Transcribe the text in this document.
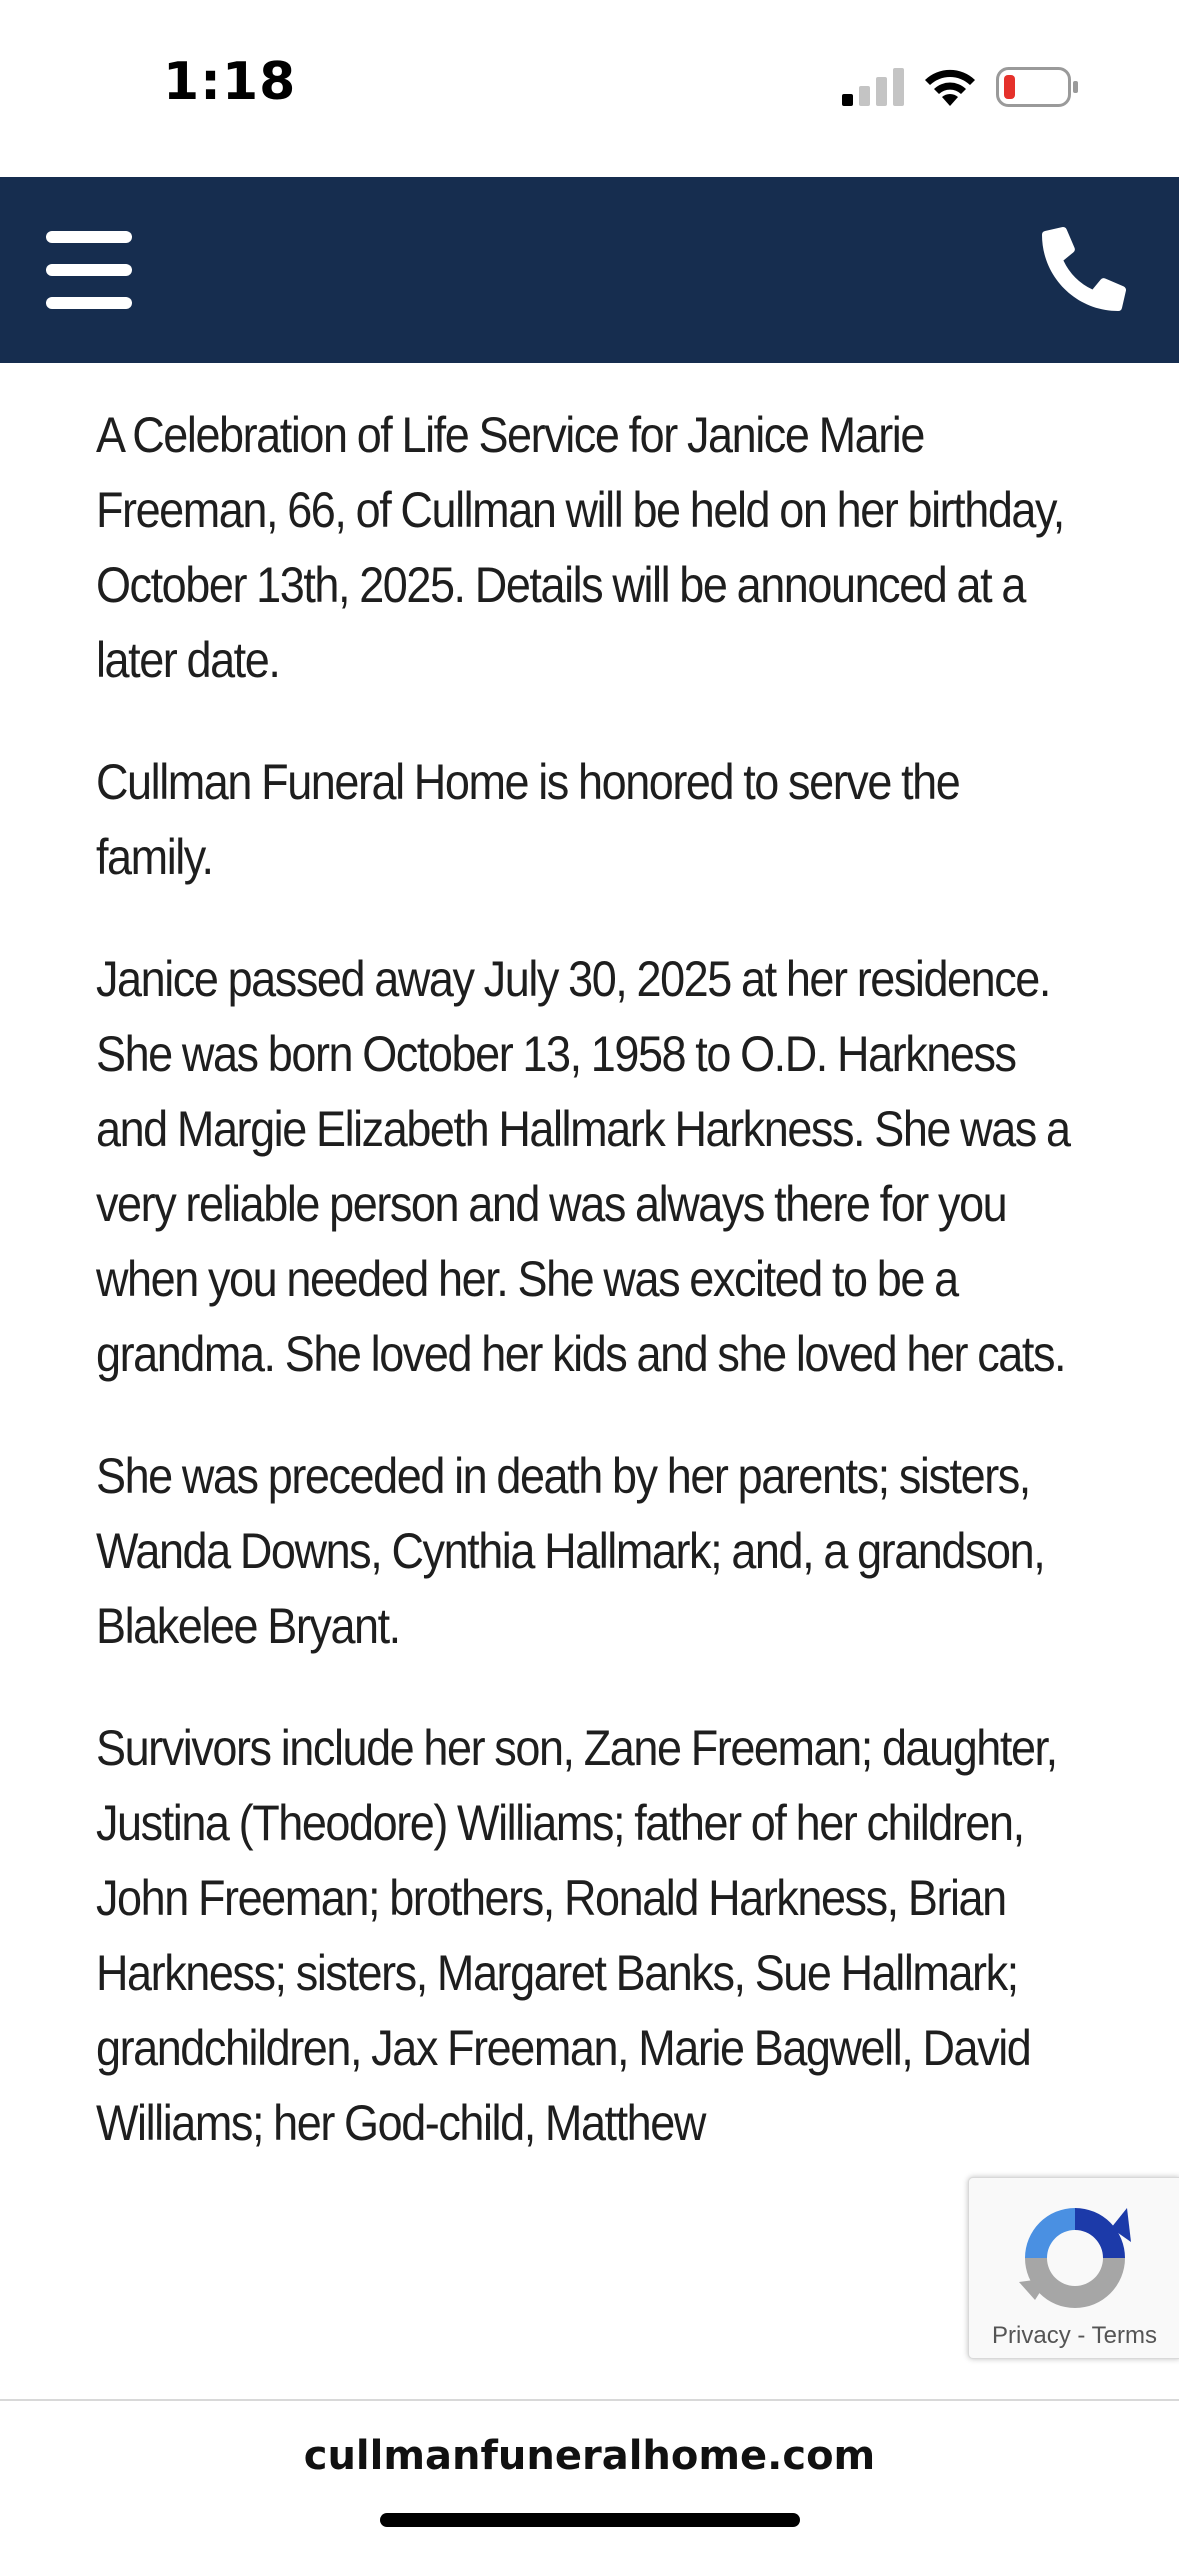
1:18

A Celebration of Life Service for Janice Marie Freeman, 66, of Cullman will be held on her birthday, October 13th, 2025. Details will be announced at a later date.

Cullman Funeral Home is honored to serve the family.

Janice passed away July 30, 2025 at her residence. She was born October 13, 1958 to O.D. Harkness and Margie Elizabeth Hallmark Harkness. She was a very reliable person and was always there for you when you needed her. She was excited to be a grandma. She loved her kids and she loved her cats.

She was preceded in death by her parents; sisters, Wanda Downs, Cynthia Hallmark; and, a grandson, Blakelee Bryant.

Survivors include her son, Zane Freeman; daughter, Justina (Theodore) Williams; father of her children, John Freeman; brothers, Ronald Harkness, Brian Harkness; sisters, Margaret Banks, Sue Hallmark; grandchildren, Jax Freeman, Marie Bagwell, David Williams; her God-child, Matthew

Privacy - Terms
cullmanfuneralhome.com
